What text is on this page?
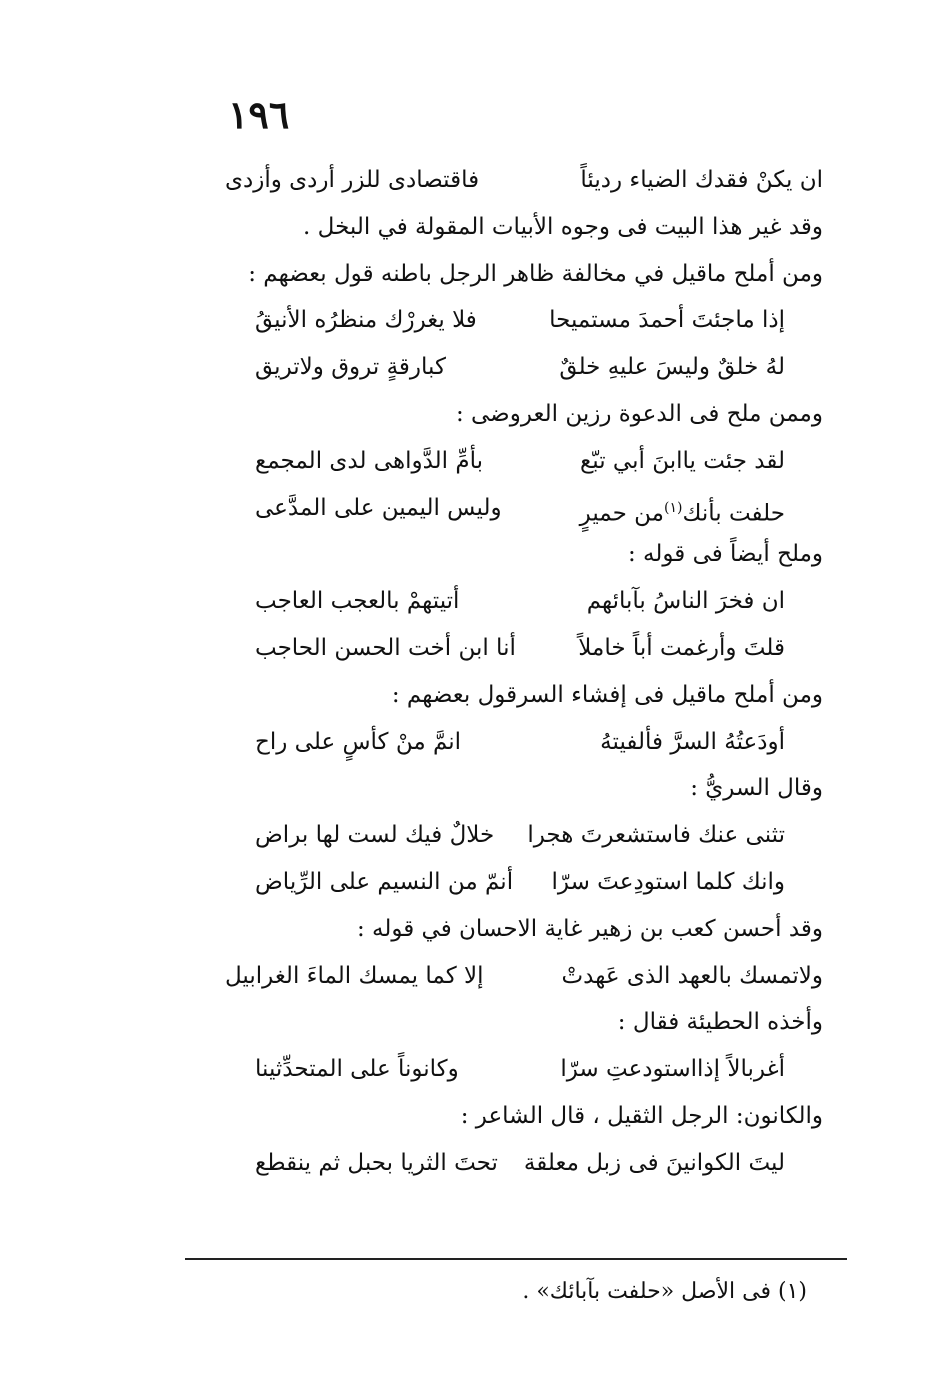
١٩٦
ان يكنْ فقدك الضياء رديئاً
فاقتصادى للزر أردى وأزدى
وقد غير هذا البيت فى وجوه الأبيات المقولة في البخل .
ومن أملح ماقيل في مخالفة ظاهر الرجل باطنه قول بعضهم :
إذا ماجئتَ أحمدَ مستميحا
فلا يغررْك منظرُه الأنيقُ
لهُ خلقٌ وليسَ عليهِ خلقٌ
كبارقةٍ تروق ولاتريق
وممن ملح فى الدعوة رزين العروضى :
لقد جئت ياابنَ أبي تبّع
بأمِّ الدَّواهى لدى المجمع
حلفت بأنك$^{(١)}$من حميرٍ
وليس اليمين على المدَّعى
وملح أيضاً فى قوله :
ان فخرَ الناسُ بآبائهم
أتيتهمْ بالعجب العاجب
قلتَ وأرغمت أباً خاملاً
أنا ابن أخت الحسن الحاجب
ومن أملح ماقيل فى إفشاء السرقول بعضهم :
أودَعتُهُ السرَّ فألفيتهُ
انمَّ منْ كأسٍ على راح
وقال السريُّ :
تثنى عنك فاستشعرتَ هجرا
خلالٌ فيك لست لها براض
وانك كلما استودِعتَ سرّا
أنمّ من النسيم على الرِّياض
وقد أحسن كعب بن زهير غاية الاحسان في قوله :
ولاتمسك بالعهد الذى عَهدتْ
إلا كما يمسك الماءَ الغرابيل
وأخذه الحطيئة فقال :
أغربالاً إذااستودعتِ سرّا
وكانوناً على المتحدِّثينا
والكانون: الرجل الثقيل ، قال الشاعر :
ليتَ الكوانينَ فى زبل معلقة
تحتَ الثريا بحبل ثم ينقطع
(١) فى الأصل «حلفت بآبائك» .
